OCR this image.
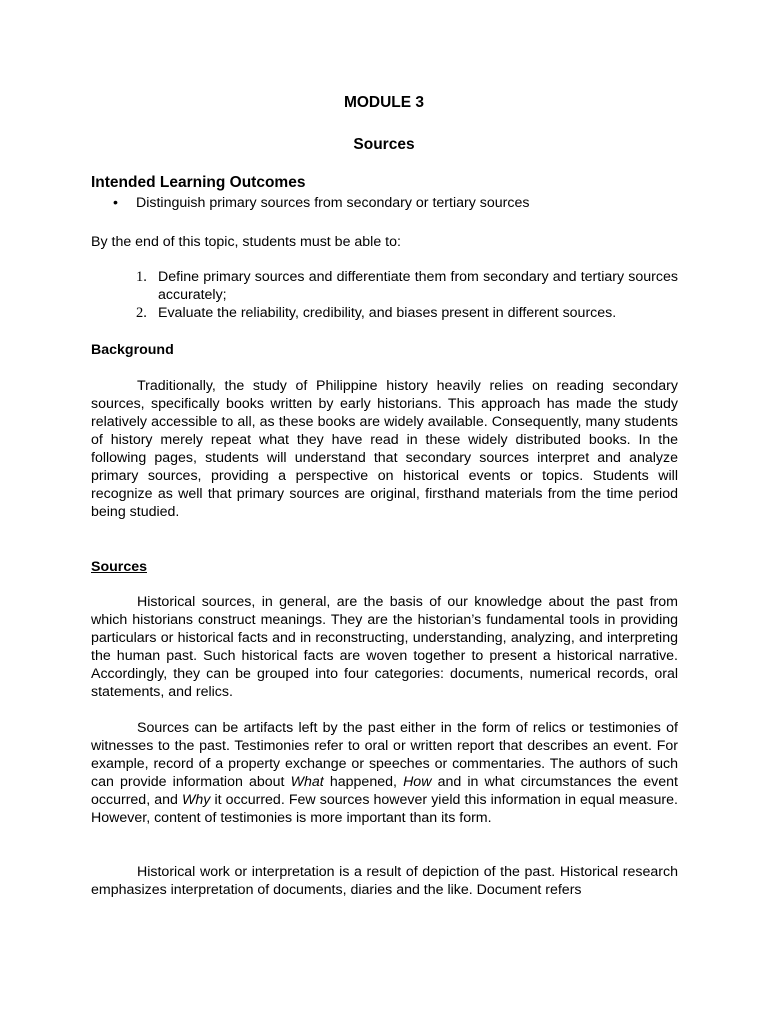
MODULE 3
Sources
Intended Learning Outcomes
• Distinguish primary sources from secondary or tertiary sources
By the end of this topic, students must be able to:
1. Define primary sources and differentiate them from secondary and tertiary sources accurately;
2. Evaluate the reliability, credibility, and biases present in different sources.
Background
Traditionally, the study of Philippine history heavily relies on reading secondary sources, specifically books written by early historians. This approach has made the study relatively accessible to all, as these books are widely available. Consequently, many students of history merely repeat what they have read in these widely distributed books. In the following pages, students will understand that secondary sources interpret and analyze primary sources, providing a perspective on historical events or topics. Students will recognize as well that primary sources are original, firsthand materials from the time period being studied.
Sources
Historical sources, in general, are the basis of our knowledge about the past from which historians construct meanings. They are the historian’s fundamental tools in providing particulars or historical facts and in reconstructing, understanding, analyzing, and interpreting the human past. Such historical facts are woven together to present a historical narrative. Accordingly, they can be grouped into four categories: documents, numerical records, oral statements, and relics.
Sources can be artifacts left by the past either in the form of relics or testimonies of witnesses to the past. Testimonies refer to oral or written report that describes an event. For example, record of a property exchange or speeches or commentaries. The authors of such can provide information about What happened, How and in what circumstances the event occurred, and Why it occurred. Few sources however yield this information in equal measure. However, content of testimonies is more important than its form.
Historical work or interpretation is a result of depiction of the past. Historical research emphasizes interpretation of documents, diaries and the like. Document refers
